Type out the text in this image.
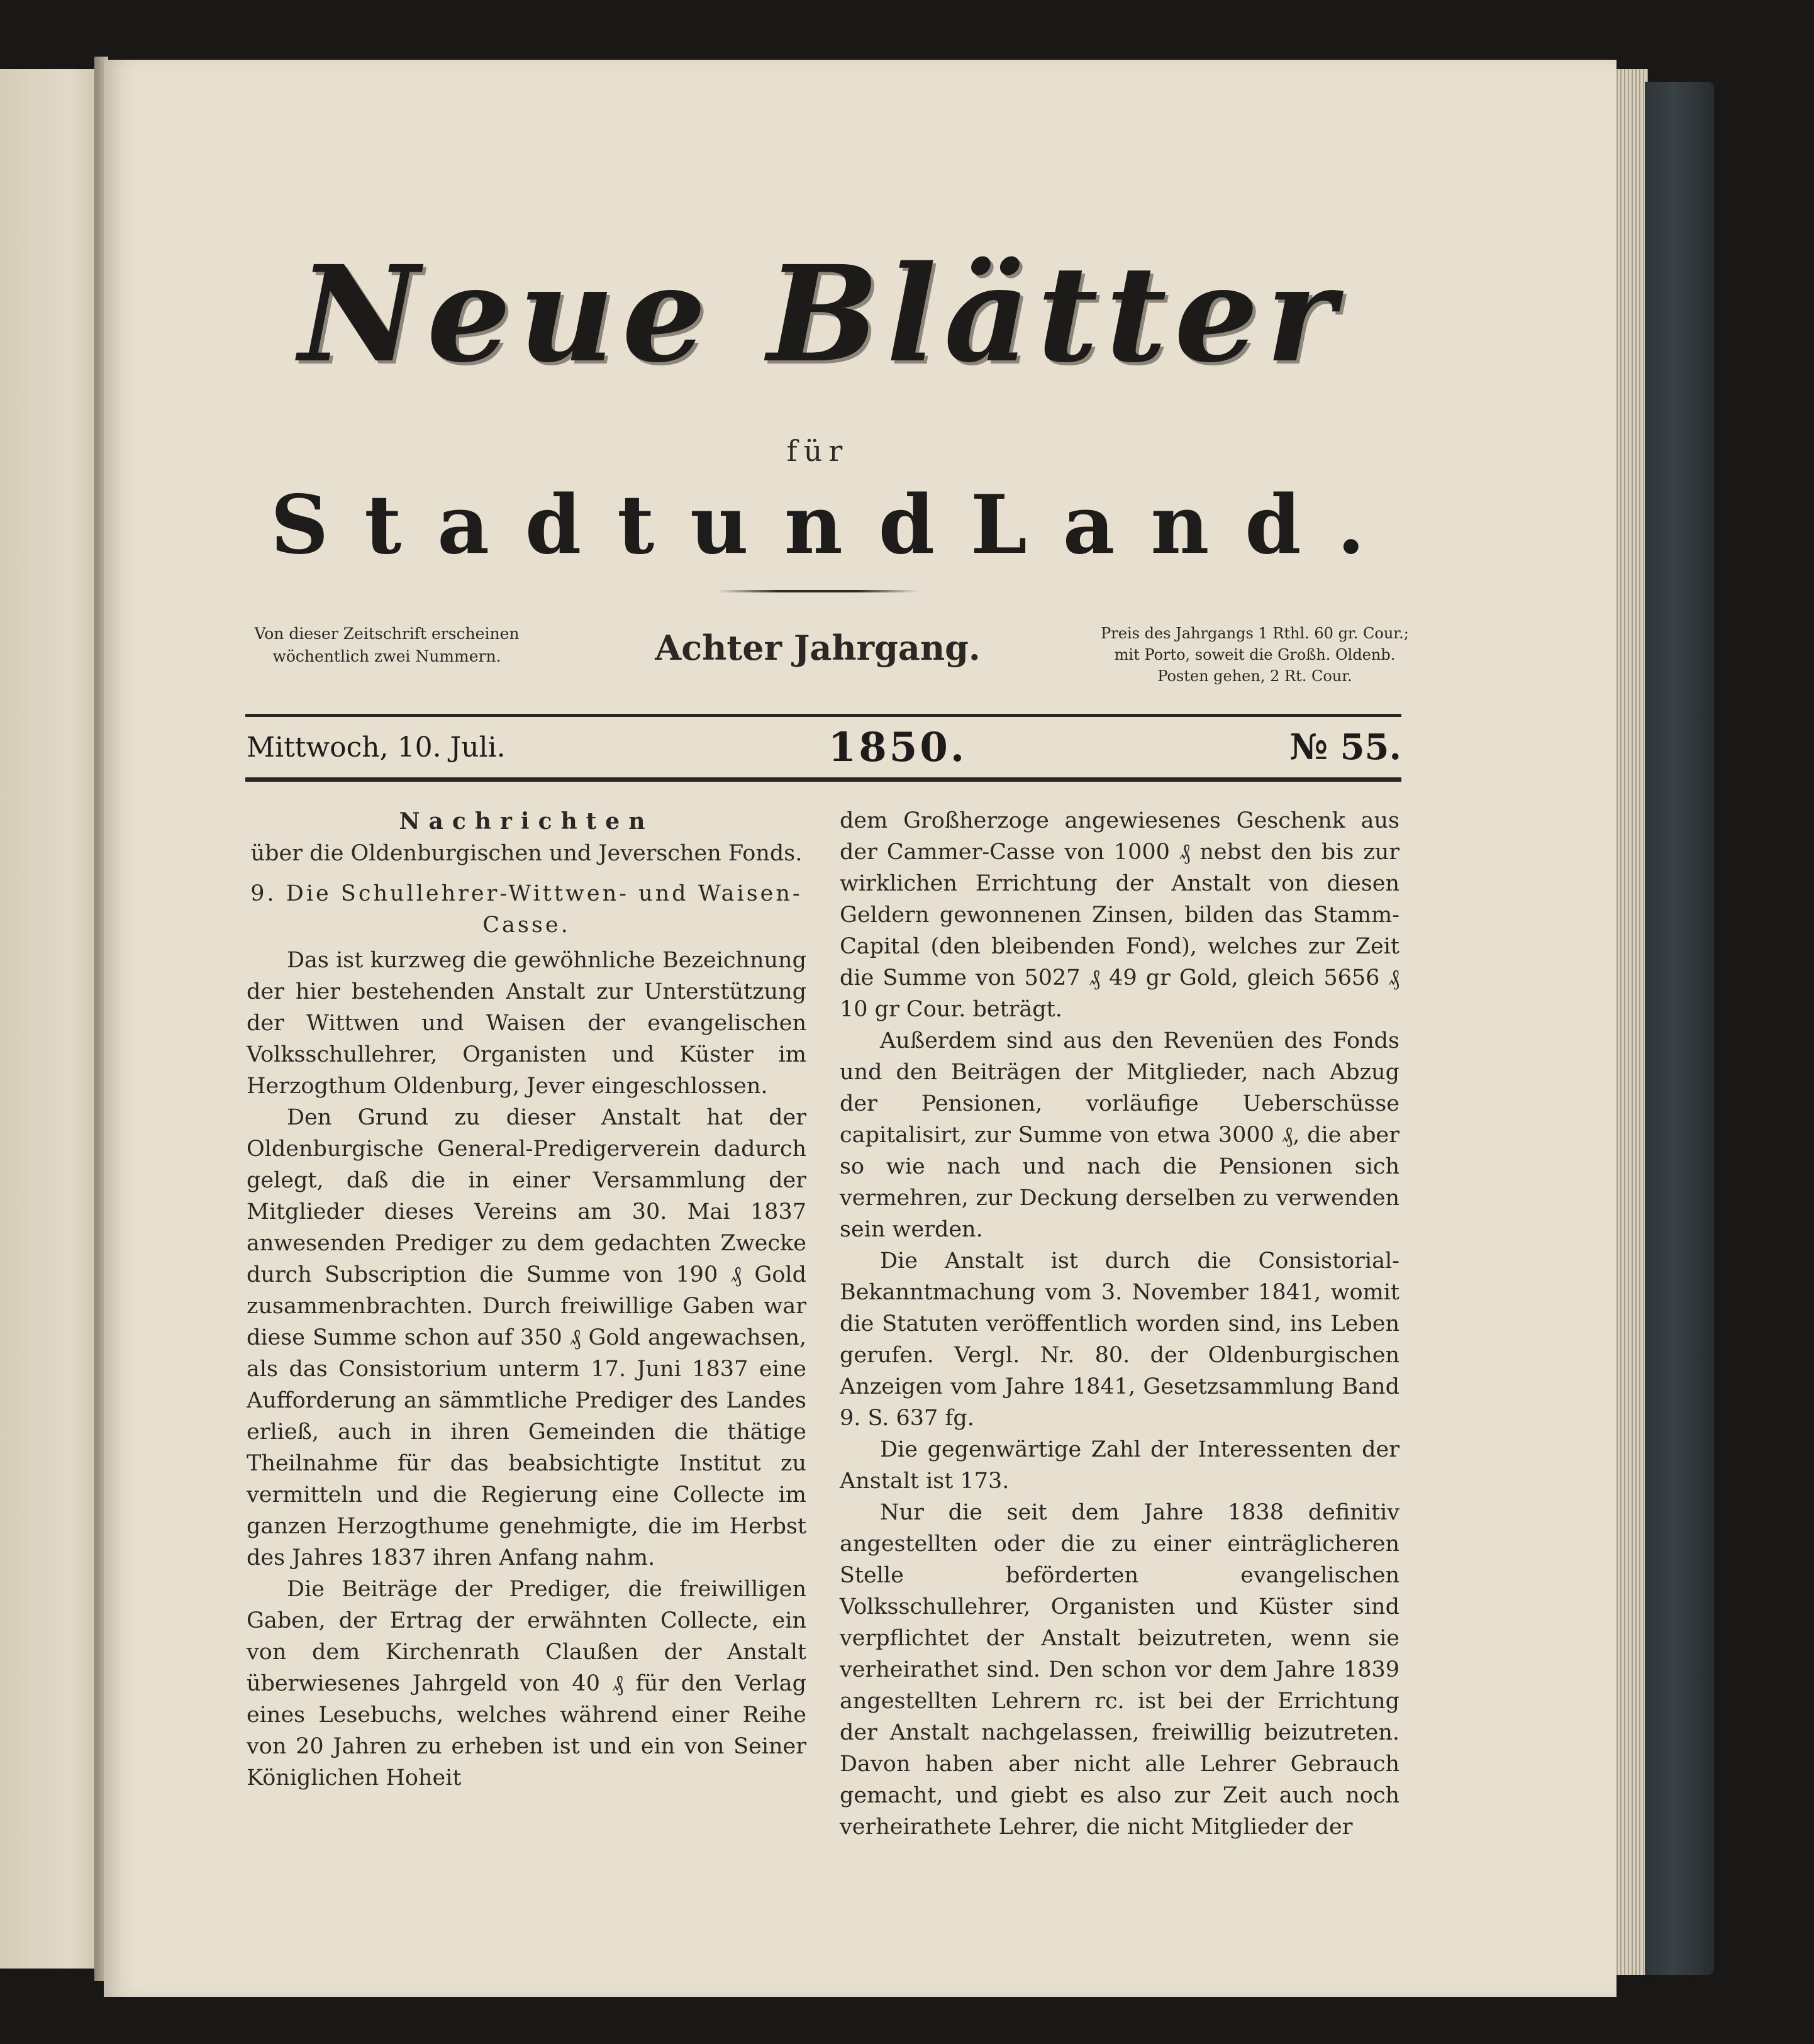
Neue Blätter
für
S t a d t u n d L a n d .
Von dieser Zeitschrift erscheinen wöchentlich zwei Nummern.	Achter Jahrgang.	Preis des Jahrgangs 1 Rthl. 60 gr. Cour.; mit Porto, soweit die Großh. Oldenb. Posten gehen, 2 Rt. Cour.
Mittwoch, 10. Juli.	1850.	№ 55.
Nachrichten
über die Oldenburgischen und Jeverschen Fonds.
9. Die Schullehrer-Wittwen- und Waisen-Casse.

Das ist kurzweg die gewöhnliche Bezeichnung der hier bestehenden Anstalt zur Unterstützung der Wittwen und Waisen der evangelischen Volksschullehrer, Organisten und Küster im Herzogthum Oldenburg, Jever eingeschlossen.

Den Grund zu dieser Anstalt hat der Oldenburgische General-Predigerverein dadurch gelegt, daß die in einer Versammlung der Mitglieder dieses Vereins am 30. Mai 1837 anwesenden Prediger zu dem gedachten Zwecke durch Subscription die Summe von 190 ₰ Gold zusammenbrachten. Durch freiwillige Gaben war diese Summe schon auf 350 ₰ Gold angewachsen, als das Consistorium unterm 17. Juni 1837 eine Aufforderung an sämmtliche Prediger des Landes erließ, auch in ihren Gemeinden die thätige Theilnahme für das beabsichtigte Institut zu vermitteln und die Regierung eine Collecte im ganzen Herzogthume genehmigte, die im Herbst des Jahres 1837 ihren Anfang nahm.

Die Beiträge der Prediger, die freiwilligen Gaben, der Ertrag der erwähnten Collecte, ein von dem Kirchenrath Claußen der Anstalt überwiesenes Jahrgeld von 40 ₰ für den Verlag eines Lesebuchs, welches während einer Reihe von 20 Jahren zu erheben ist und ein von Seiner Königlichen Hoheit

dem Großherzoge angewiesenes Geschenk aus der Cammer-Casse von 1000 ₰ nebst den bis zur wirklichen Errichtung der Anstalt von diesen Geldern gewonnenen Zinsen, bilden das Stamm-Capital (den bleibenden Fond), welches zur Zeit die Summe von 5027 ₰ 49 gr Gold, gleich 5656 ₰ 10 gr Cour. beträgt.

Außerdem sind aus den Revenüen des Fonds und den Beiträgen der Mitglieder, nach Abzug der Pensionen, vorläufige Ueberschüsse capitalisirt, zur Summe von etwa 3000 ₰, die aber so wie nach und nach die Pensionen sich vermehren, zur Deckung derselben zu verwenden sein werden.

Die Anstalt ist durch die Consistorial-Bekanntmachung vom 3. November 1841, womit die Statuten veröffentlich worden sind, ins Leben gerufen. Vergl. Nr. 80. der Oldenburgischen Anzeigen vom Jahre 1841, Gesetzsammlung Band 9. S. 637 fg.

Die gegenwärtige Zahl der Interessenten der Anstalt ist 173.

Nur die seit dem Jahre 1838 definitiv angestellten oder die zu einer einträglicheren Stelle beförderten evangelischen Volksschullehrer, Organisten und Küster sind verpflichtet der Anstalt beizutreten, wenn sie verheirathet sind. Den schon vor dem Jahre 1839 angestellten Lehrern rc. ist bei der Errichtung der Anstalt nachgelassen, freiwillig beizutreten. Davon haben aber nicht alle Lehrer Gebrauch gemacht, und giebt es also zur Zeit auch noch verheirathete Lehrer, die nicht Mitglieder der
